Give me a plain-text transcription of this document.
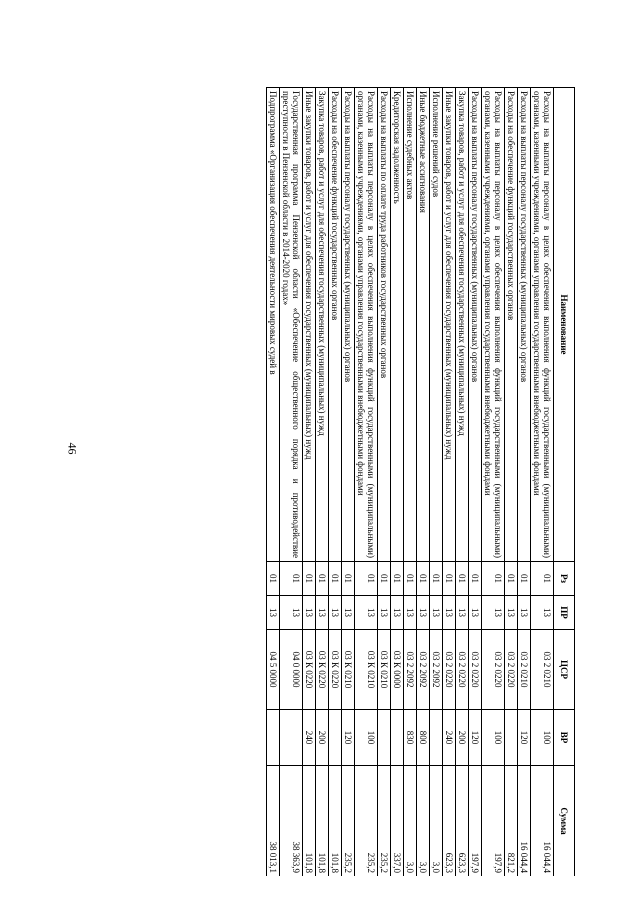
46
Наименование	Рз	ПР	ЦСР	ВР	Сумма
Расходы на выплаты персоналу в целях обеспечения выполнения функций государственными (муниципальными) органами, казенными учреждениями, органами управления государственными внебюджетными фондами	01	13	03 2 0210	100	16 044,4
Расходы на выплаты персоналу государственных (муниципальных) органов	01	13	03 2 0210	120	16 044,4
Расходы на обеспечение функций государственных органов	01	13	03 2 0220		821,2
Расходы на выплаты персоналу в целях обеспечения выполнения функций государственными (муниципальными) органами, казенными учреждениями, органами управления государственными внебюджетными фондами	01	13	03 2 0220	100	197,9
Расходы на выплаты персоналу государственных (муниципальных) органов	01	13	03 2 0220	120	197,9
Закупка товаров, работ и услуг для обеспечения государственных (муниципальных) нужд	01	13	03 2 0220	200	623,3
Иные закупки товаров, работ и услуг для обеспечения государственных (муниципальных) нужд	01	13	03 2 0220	240	623,3
Исполнение решений судов	01	13	03 2 2092		3,0
Иные бюджетные ассигнования	01	13	03 2 2092	800	3,0
Исполнение судебных актов	01	13	03 2 2092	830	3,0
Кредиторская задолженность	01	13	03 К 0000		337,0
Расходы на выплаты по оплате труда работников государственных органов	01	13	03 К 0210		235,2
Расходы на выплаты персоналу в целях обеспечения выполнения функций государственными (муниципальными) органами, казенными учреждениями, органами управления государственными внебюджетными фондами	01	13	03 К 0210	100	235,2
Расходы на выплаты персоналу государственных (муниципальных) органов	01	13	03 К 0210	120	235,2
Расходы на обеспечение функций государственных органов	01	13	03 К 0220		101,8
Закупка товаров, работ и услуг для обеспечения государственных (муниципальных) нужд	01	13	03 К 0220	200	101,8
Иные закупки товаров, работ и услуг для обеспечения государственных (муниципальных) нужд	01	13	03 К 0220	240	101,8
Государственная программа Пензенской области «Обеспечение общественного порядка и противодействие преступности в Пензенской области в 2014-2020 годах»	01	13	04 0 0000		38 363,9
Подпрограмма «Организация обеспечения деятельности мировых судей в	01	13	04 5 0000		38 013,1
